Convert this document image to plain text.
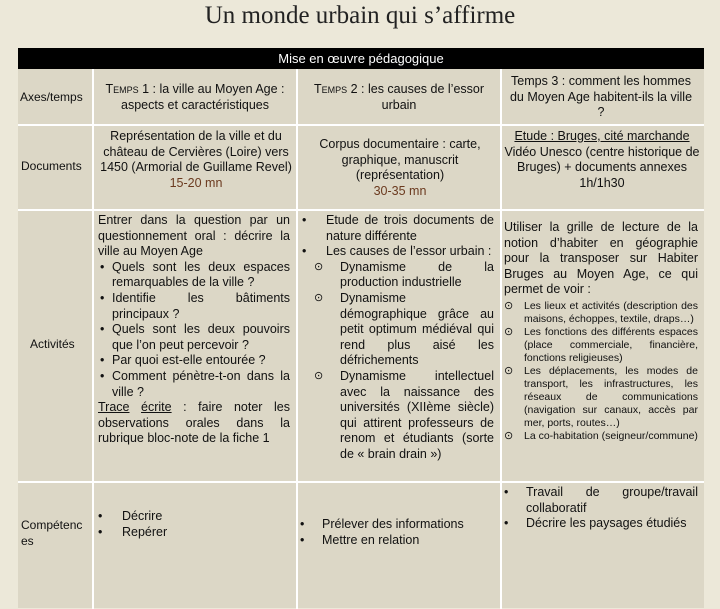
Un monde urbain qui s’affirme
Mise en œuvre pédagogique
Axes/temps
Documents
Activités
Compétenc es
Temps 1 : la ville au Moyen Age : aspects et caractéristiques
Temps 2 : les causes de l’essor urbain
Temps 3 : comment les hommes du Moyen Age habitent-ils la ville ?
Représentation de la ville et du château de Cervières (Loire) vers 1450 (Armorial de Guillame Revel)
15-20 mn
Corpus documentaire : carte, graphique, manuscrit (représentation)
30-35 mn
Etude : Bruges, cité marchande
Vidéo Unesco (centre historique de Bruges) + documents annexes
1h/1h30
Entrer dans la question par un questionnement oral : décrire la ville au Moyen Age
• Quels sont les deux espaces remarquables de la ville ?
• Identifie les bâtiments principaux ?
• Quels sont les deux pouvoirs que l’on peut percevoir ?
• Par quoi est-elle entourée ?
• Comment pénètre-t-on dans la ville ?
Trace écrite : faire noter les observations orales dans la rubrique bloc-note de la fiche 1
• Etude de trois documents de nature différente
• Les causes de l’essor urbain :
⊙ Dynamisme de la production industrielle
⊙ Dynamisme démographique grâce au petit optimum médiéval qui rend plus aisé les défrichements
⊙ Dynamisme intellectuel avec la naissance des universités (XIIème siècle) qui attirent professeurs de renom et étudiants (sorte de « brain drain »)
Utiliser la grille de lecture de la notion d’habiter en géographie pour la transposer sur Habiter Bruges au Moyen Age, ce qui permet de voir :
⊙ Les lieux et activités (description des maisons, échoppes, textile, draps…)
⊙ Les fonctions des différents espaces (place commerciale, financière, fonctions religieuses)
⊙ Les déplacements, les modes de transport, les infrastructures, les réseaux de communications (navigation sur canaux, accès par mer, ports, routes…)
⊙ La co-habitation (seigneur/commune)
• Décrire
• Repérer
• Prélever des informations
• Mettre en relation
• Travail de groupe/travail collaboratif
• Décrire les paysages étudiés
